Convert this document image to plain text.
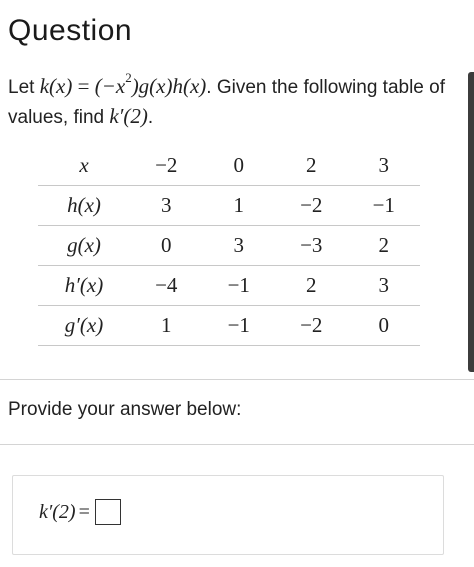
Question
Let $k(x) = (-x^2)g(x)h(x)$. Given the following table of values, find k′(2).
x	−2	0	2	3
h(x)	3	1	−2	−1
g(x)	0	3	−3	2
h′(x)	−4	−1	2	3
g′(x)	1	−1	−2	0
Provide your answer below:
k′(2) =
